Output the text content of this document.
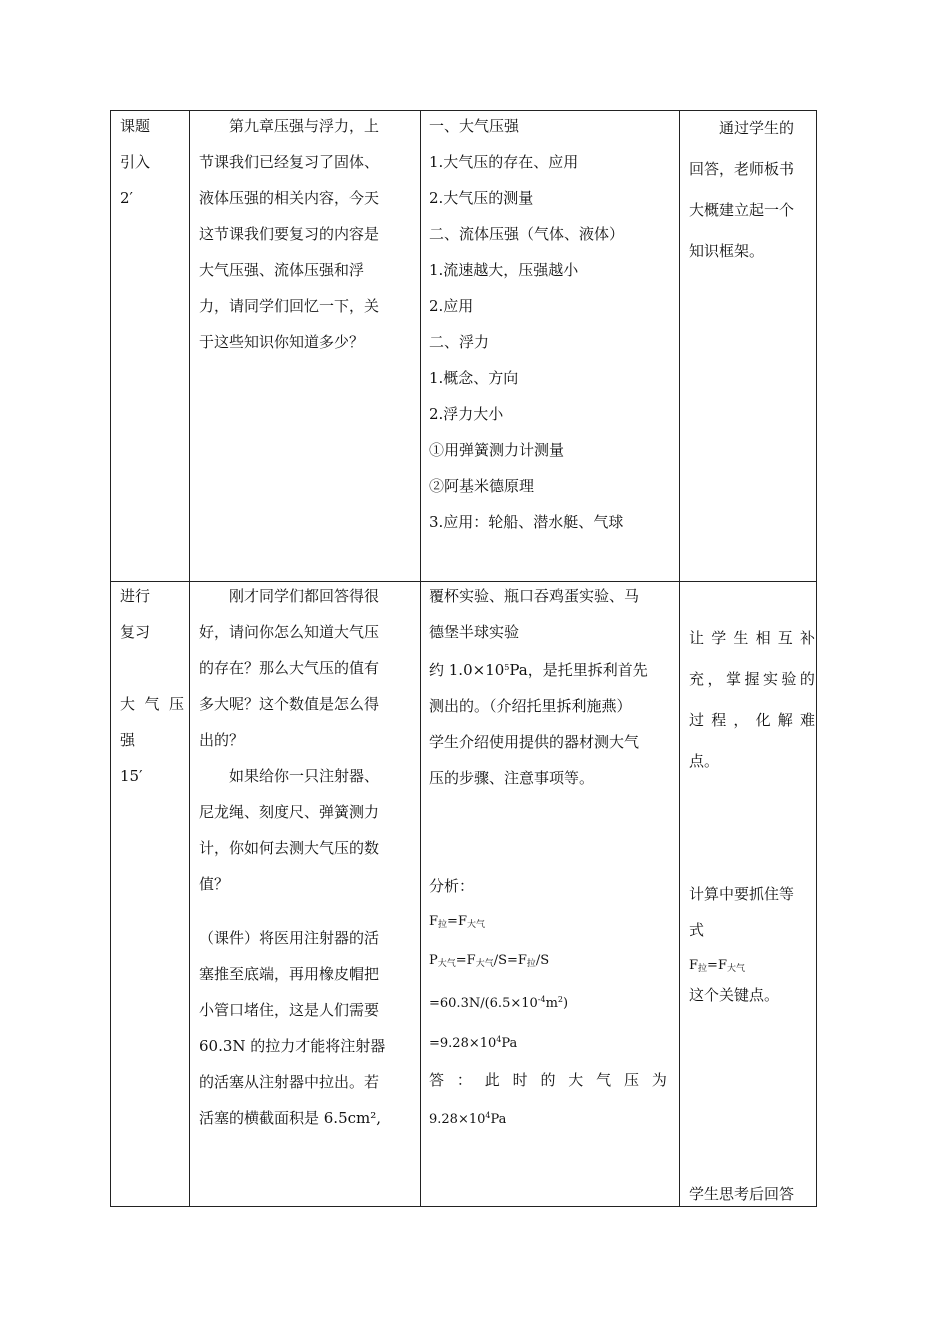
课题
引入
2′
　　第九章压强与浮力，上
节课我们已经复习了固体、
液体压强的相关内容，今天
这节课我们要复习的内容是
大气压强、流体压强和浮
力，请同学们回忆一下，关
于这些知识你知道多少？
一、大气压强
1.大气压的存在、应用
2.大气压的测量
二、流体压强（气体、液体）
1.流速越大，压强越小
2.应用
二、浮力
1.概念、方向
2.浮力大小
①用弹簧测力计测量
②阿基米德原理
3.应用：轮船、潜水艇、气球
　　通过学生的
回答，老师板书
大概建立起一个
知识框架。
进行
复习
大 气 压
强
15′
　　刚才同学们都回答得很
好，请问你怎么知道大气压
的存在？那么大气压的值有
多大呢？这个数值是怎么得
出的？
　　如果给你一只注射器、
尼龙绳、刻度尺、弹簧测力
计，你如何去测大气压的数
值？
（课件）将医用注射器的活
塞推至底端，再用橡皮帽把
小管口堵住，这是人们需要
60.3N 的拉力才能将注射器
的活塞从注射器中拉出。若
活塞的横截面积是 6.5cm²,
覆杯实验、瓶口吞鸡蛋实验、马
德堡半球实验
约 $1.0\times 10^5Pa$，是托里拆利首先
测出的。（介绍托里拆利施燕）
学生介绍使用提供的器材测大气
压的步骤、注意事项等。
分析：
$F_拉=F_{大气}$
$P_{大气}=F_{大气}/S=F_拉/S$
$=60.3N/(6.5\times 10^{-4}m^2)$
$=9.28\times 10^4Pa$
答 ： 此 时 的 大 气 压 为
$9.28\times 10^4Pa$
让 学 生 相 互 补
充 ， 掌 握 实 验 的
过 程 ， 化 解 难
点。
计算中要抓住等
式
$F_拉=F_{大气}$
这个关键点。
学生思考后回答
